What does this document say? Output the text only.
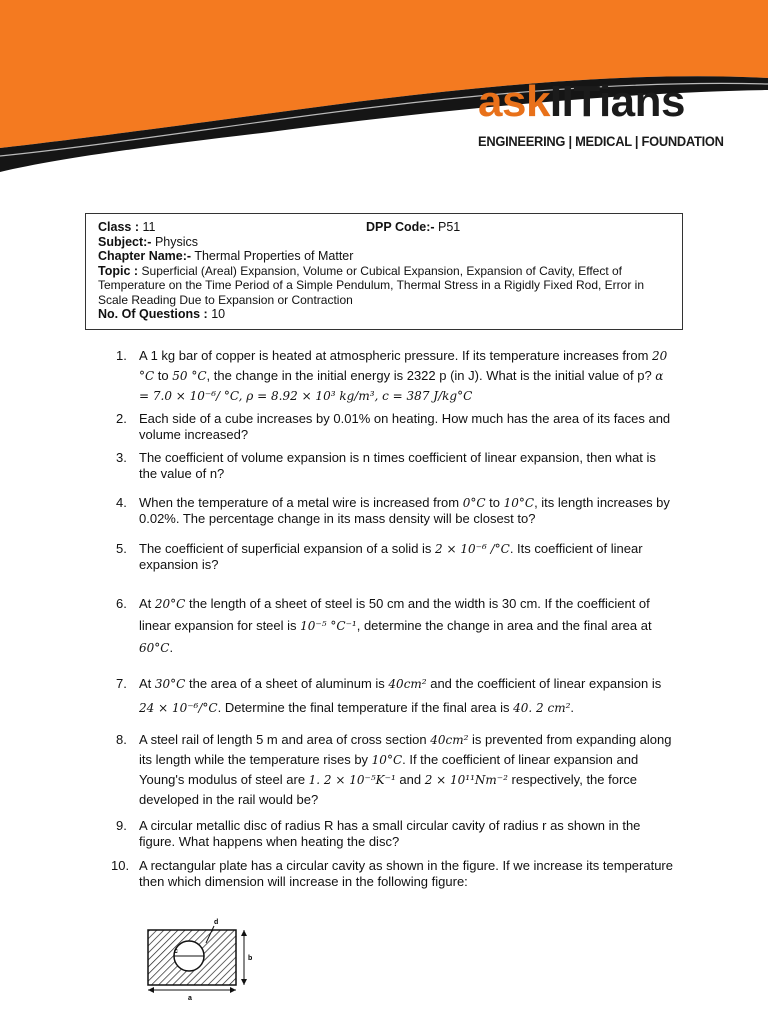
askIITians
ENGINEERING | MEDICAL | FOUNDATION
Class : 11	DPP Code:- P51
Subject:- Physics
Chapter Name:- Thermal Properties of Matter
Topic : Superficial (Areal) Expansion, Volume or Cubical Expansion, Expansion of Cavity, Effect of Temperature on the Time Period of a Simple Pendulum, Thermal Stress in a Rigidly Fixed Rod, Error in Scale Reading Due to Expansion or Contraction
No. Of Questions : 10
1. A 1 kg bar of copper is heated at atmospheric pressure. If its temperature increases from 20 °C to 50 °C, the change in the initial energy is 2322 p (in J). What is the initial value of p? α = 7.0 × 10⁻⁶/ °C, ρ = 8.92 × 10³ kg/m³, c = 387 J/kg°C
2. Each side of a cube increases by 0.01% on heating. How much has the area of its faces and volume increased?
3. The coefficient of volume expansion is n times coefficient of linear expansion, then what is the value of n?
4. When the temperature of a metal wire is increased from 0°C to 10°C, its length increases by 0.02%. The percentage change in its mass density will be closest to?
5. The coefficient of superficial expansion of a solid is 2 × 10⁻⁶ /°C. Its coefficient of linear expansion is?
6. At 20°C the length of a sheet of steel is 50 cm and the width is 30 cm. If the coefficient of linear expansion for steel is 10⁻⁵ °C⁻¹, determine the change in area and the final area at 60°C.
7. At 30°C the area of a sheet of aluminum is 40cm² and the coefficient of linear expansion is 24 × 10⁻⁶/°C. Determine the final temperature if the final area is 40. 2 cm².
8. A steel rail of length 5 m and area of cross section 40cm² is prevented from expanding along its length while the temperature rises by 10°C. If the coefficient of linear expansion and Young's modulus of steel are 1. 2 × 10⁻⁵K⁻¹ and 2 × 10¹¹Nm⁻² respectively, the force developed in the rail would be?
9. A circular metallic disc of radius R has a small circular cavity of radius r as shown in the figure. What happens when heating the disc?
10. A rectangular plate has a circular cavity as shown in the figure. If we increase its temperature then which dimension will increase in the following figure:
d
c
b
a
